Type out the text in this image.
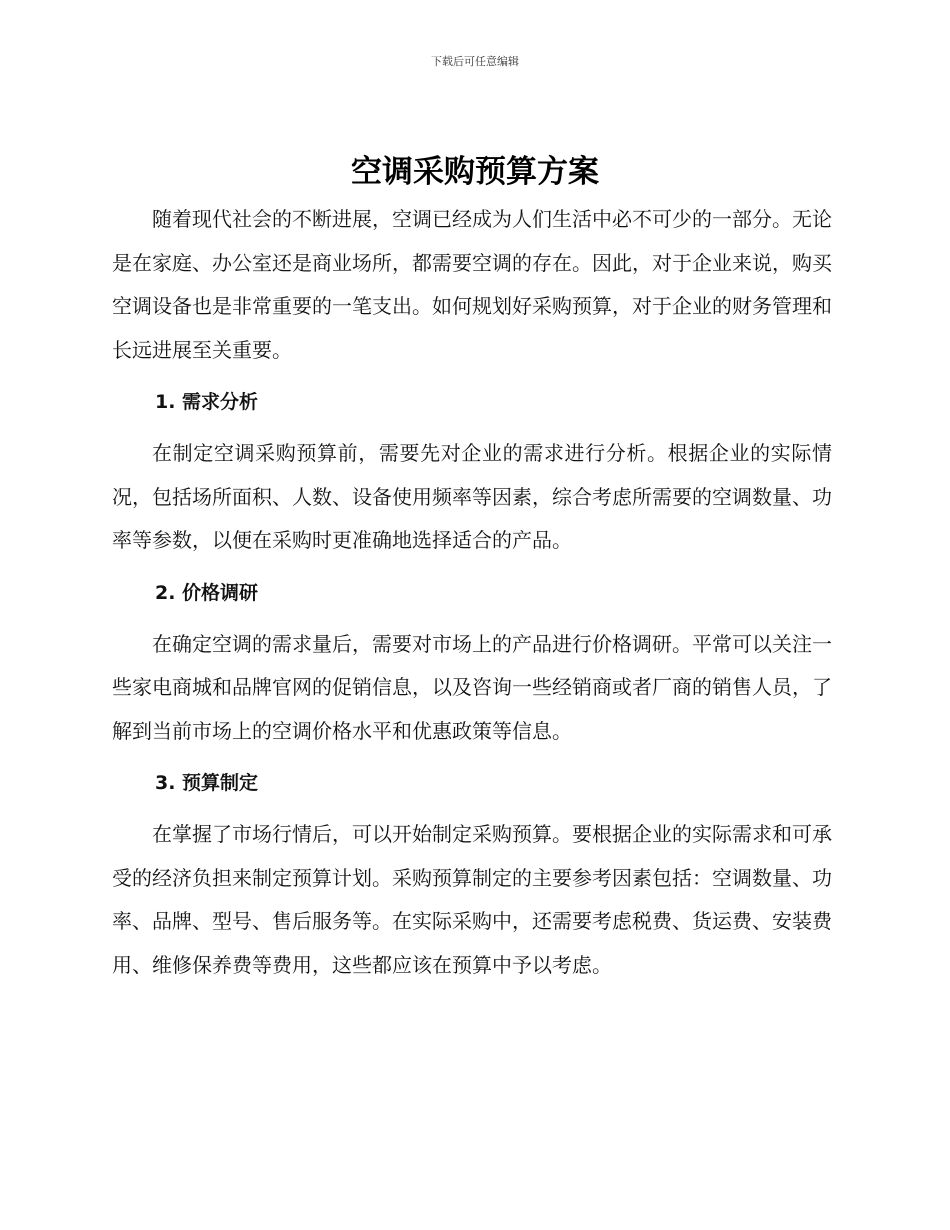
下载后可任意编辑
空调采购预算方案

随着现代社会的不断进展，空调已经成为人们生活中必不可少的一部分。无论是在家庭、办公室还是商业场所，都需要空调的存在。因此，对于企业来说，购买空调设备也是非常重要的一笔支出。如何规划好采购预算，对于企业的财务管理和长远进展至关重要。

1. 需求分析

在制定空调采购预算前，需要先对企业的需求进行分析。根据企业的实际情况，包括场所面积、人数、设备使用频率等因素，综合考虑所需要的空调数量、功率等参数，以便在采购时更准确地选择适合的产品。

2. 价格调研

在确定空调的需求量后，需要对市场上的产品进行价格调研。平常可以关注一些家电商城和品牌官网的促销信息，以及咨询一些经销商或者厂商的销售人员，了解到当前市场上的空调价格水平和优惠政策等信息。

3. 预算制定

在掌握了市场行情后，可以开始制定采购预算。要根据企业的实际需求和可承受的经济负担来制定预算计划。采购预算制定的主要参考因素包括：空调数量、功率、品牌、型号、售后服务等。在实际采购中，还需要考虑税费、货运费、安装费用、维修保养费等费用，这些都应该在预算中予以考虑。
